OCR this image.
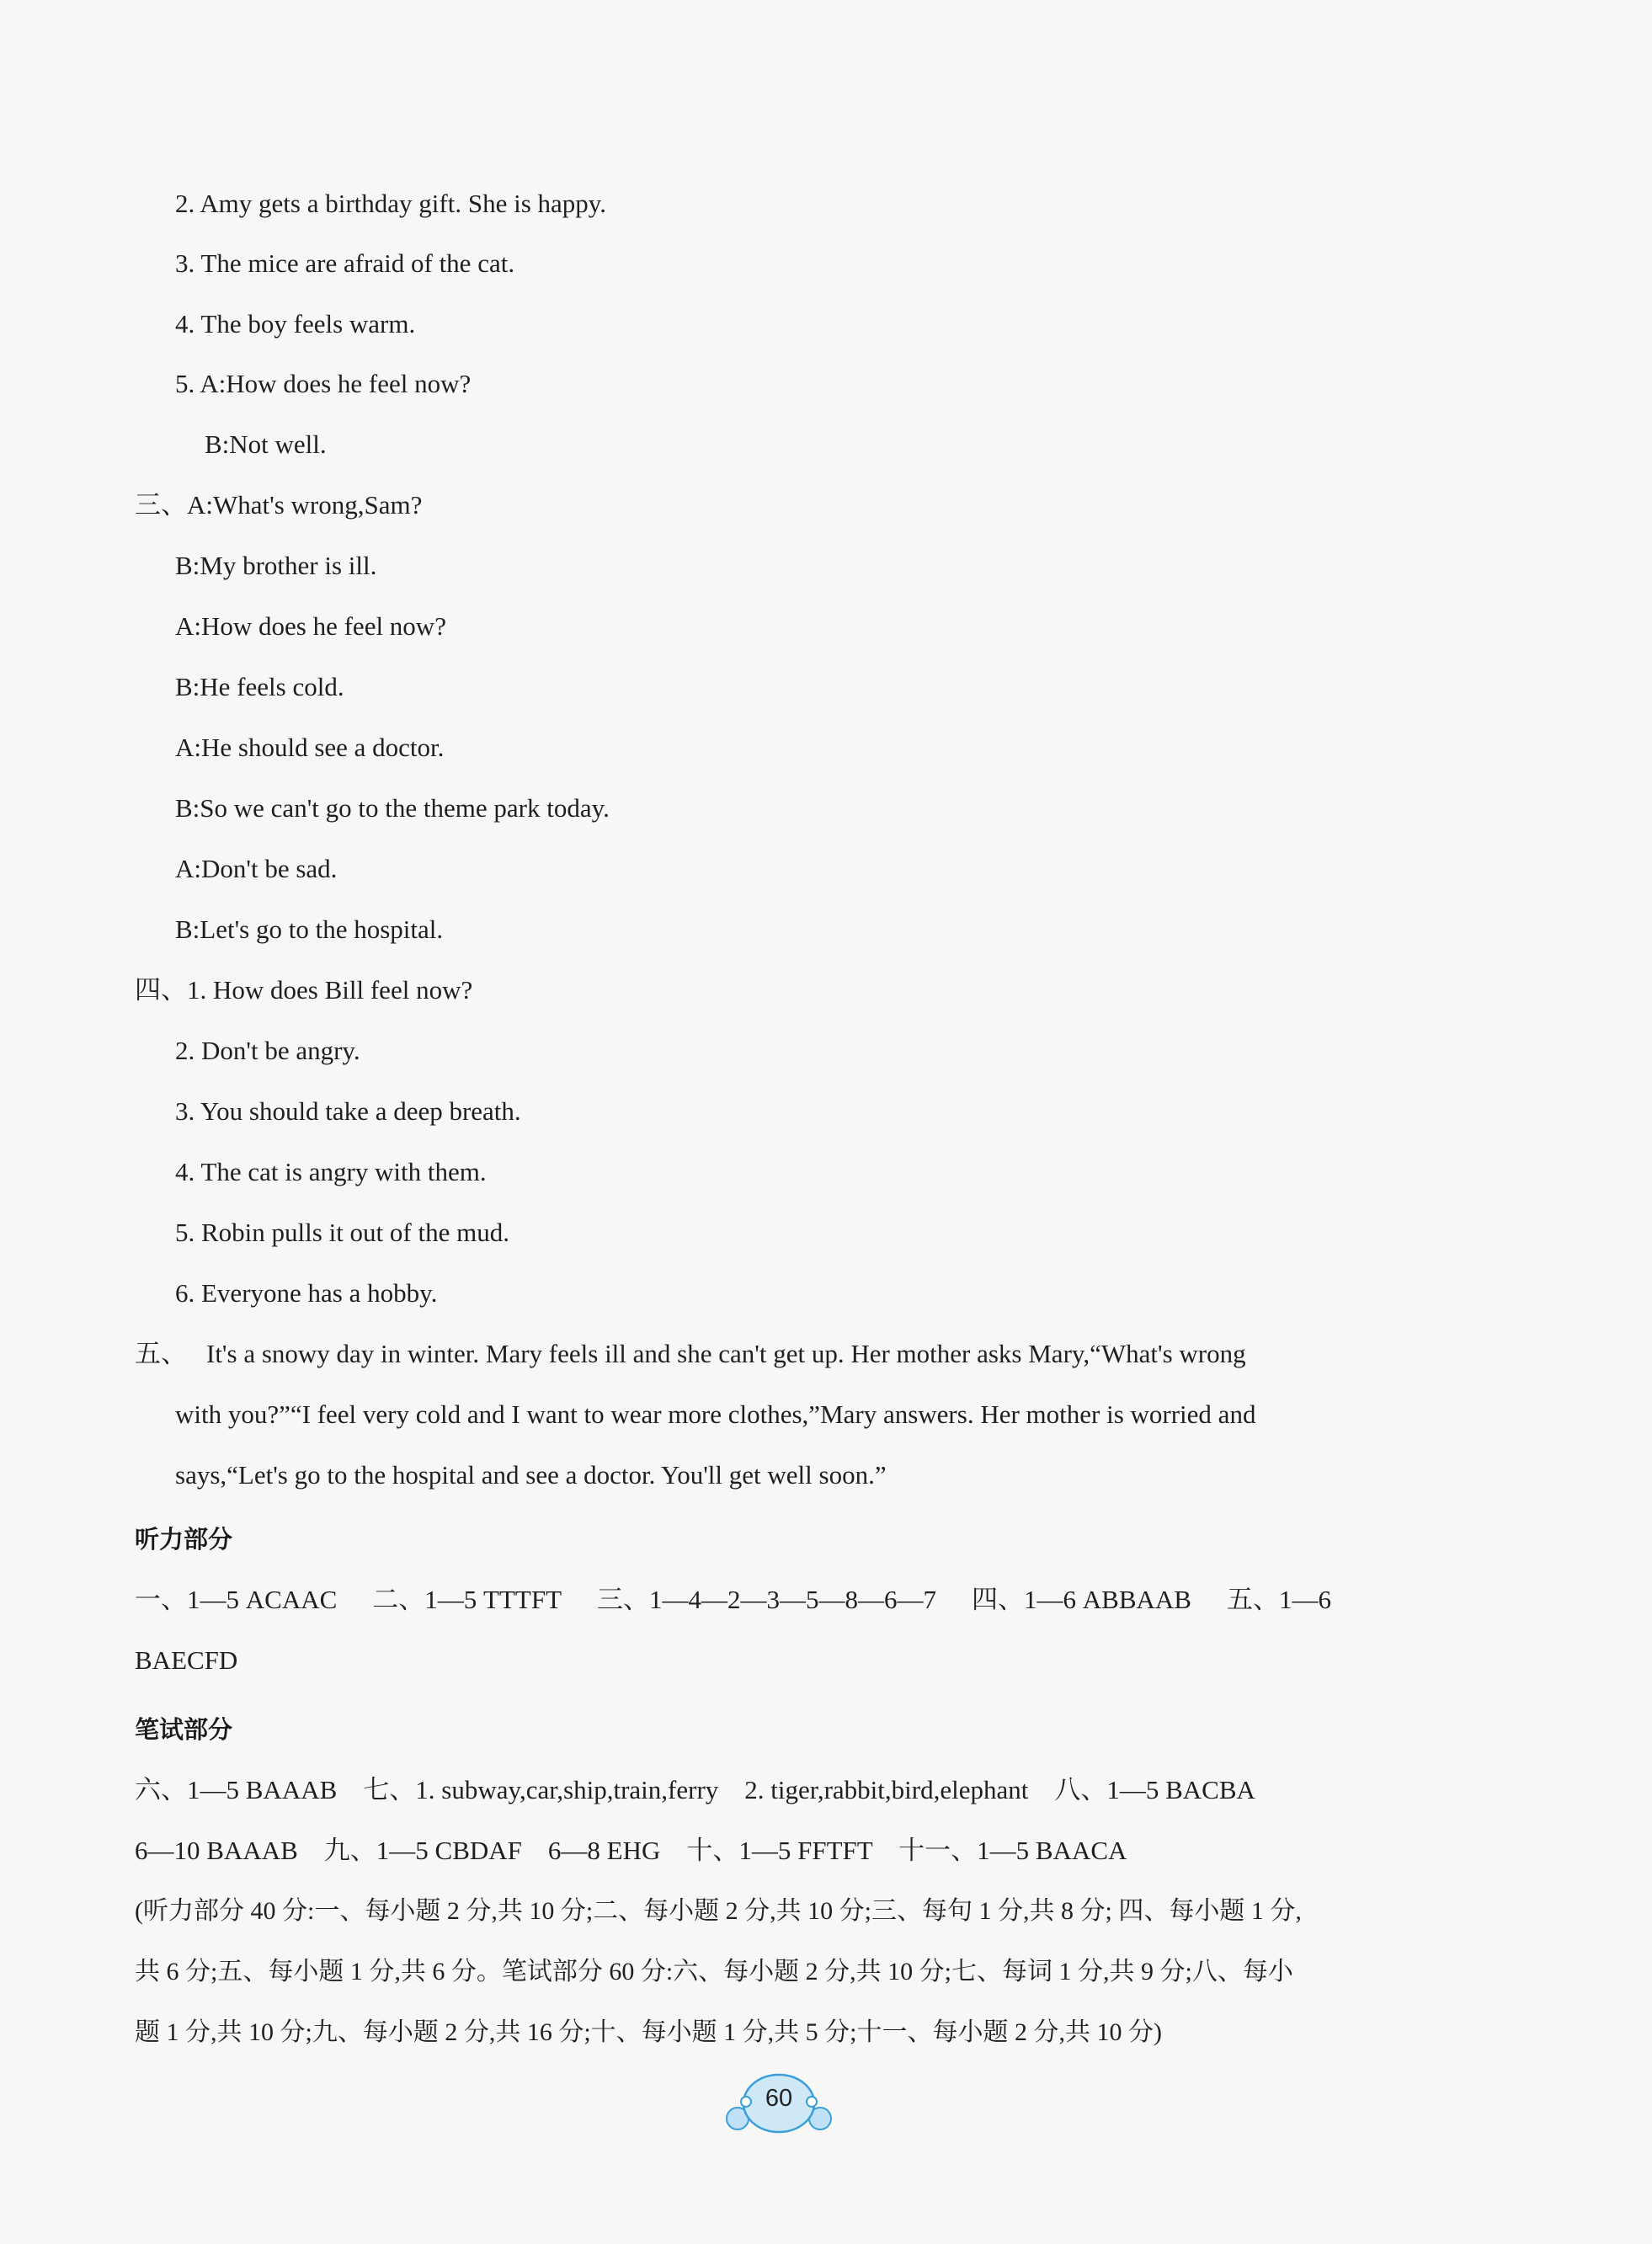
2. Amy gets a birthday gift. She is happy.
3. The mice are afraid of the cat.
4. The boy feels warm.
5. A:How does he feel now?
B:Not well.
三、A:What's wrong,Sam?
B:My brother is ill.
A:How does he feel now?
B:He feels cold.
A:He should see a doctor.
B:So we can't go to the theme park today.
A:Don't be sad.
B:Let's go to the hospital.
四、1. How does Bill feel now?
2. Don't be angry.
3. You should take a deep breath.
4. The cat is angry with them.
5. Robin pulls it out of the mud.
6. Everyone has a hobby.
五、 It's a snowy day in winter. Mary feels ill and she can't get up. Her mother asks Mary,“What's wrong
with you?”“I feel very cold and I want to wear more clothes,”Mary answers. Her mother is worried and
says,“Let's go to the hospital and see a doctor. You'll get well soon.”
听力部分
一、1—5 ACAAC 二、1—5 TTTFT 三、1—4—2—3—5—8—6—7 四、1—6 ABBAAB 五、1—6
BAECFD
笔试部分
六、1—5 BAAAB　七、1. subway,car,ship,train,ferry　2. tiger,rabbit,bird,elephant　八、1—5 BACBA
6—10 BAAAB　九、1—5 CBDAF　6—8 EHG　十、1—5 FFTFT　十一、1—5 BAACA
(听力部分 40 分:一、每小题 2 分,共 10 分;二、每小题 2 分,共 10 分;三、每句 1 分,共 8 分; 四、每小题 1 分,
共 6 分;五、每小题 1 分,共 6 分。笔试部分 60 分:六、每小题 2 分,共 10 分;七、每词 1 分,共 9 分;八、每小
题 1 分,共 10 分;九、每小题 2 分,共 16 分;十、每小题 1 分,共 5 分;十一、每小题 2 分,共 10 分)
60
